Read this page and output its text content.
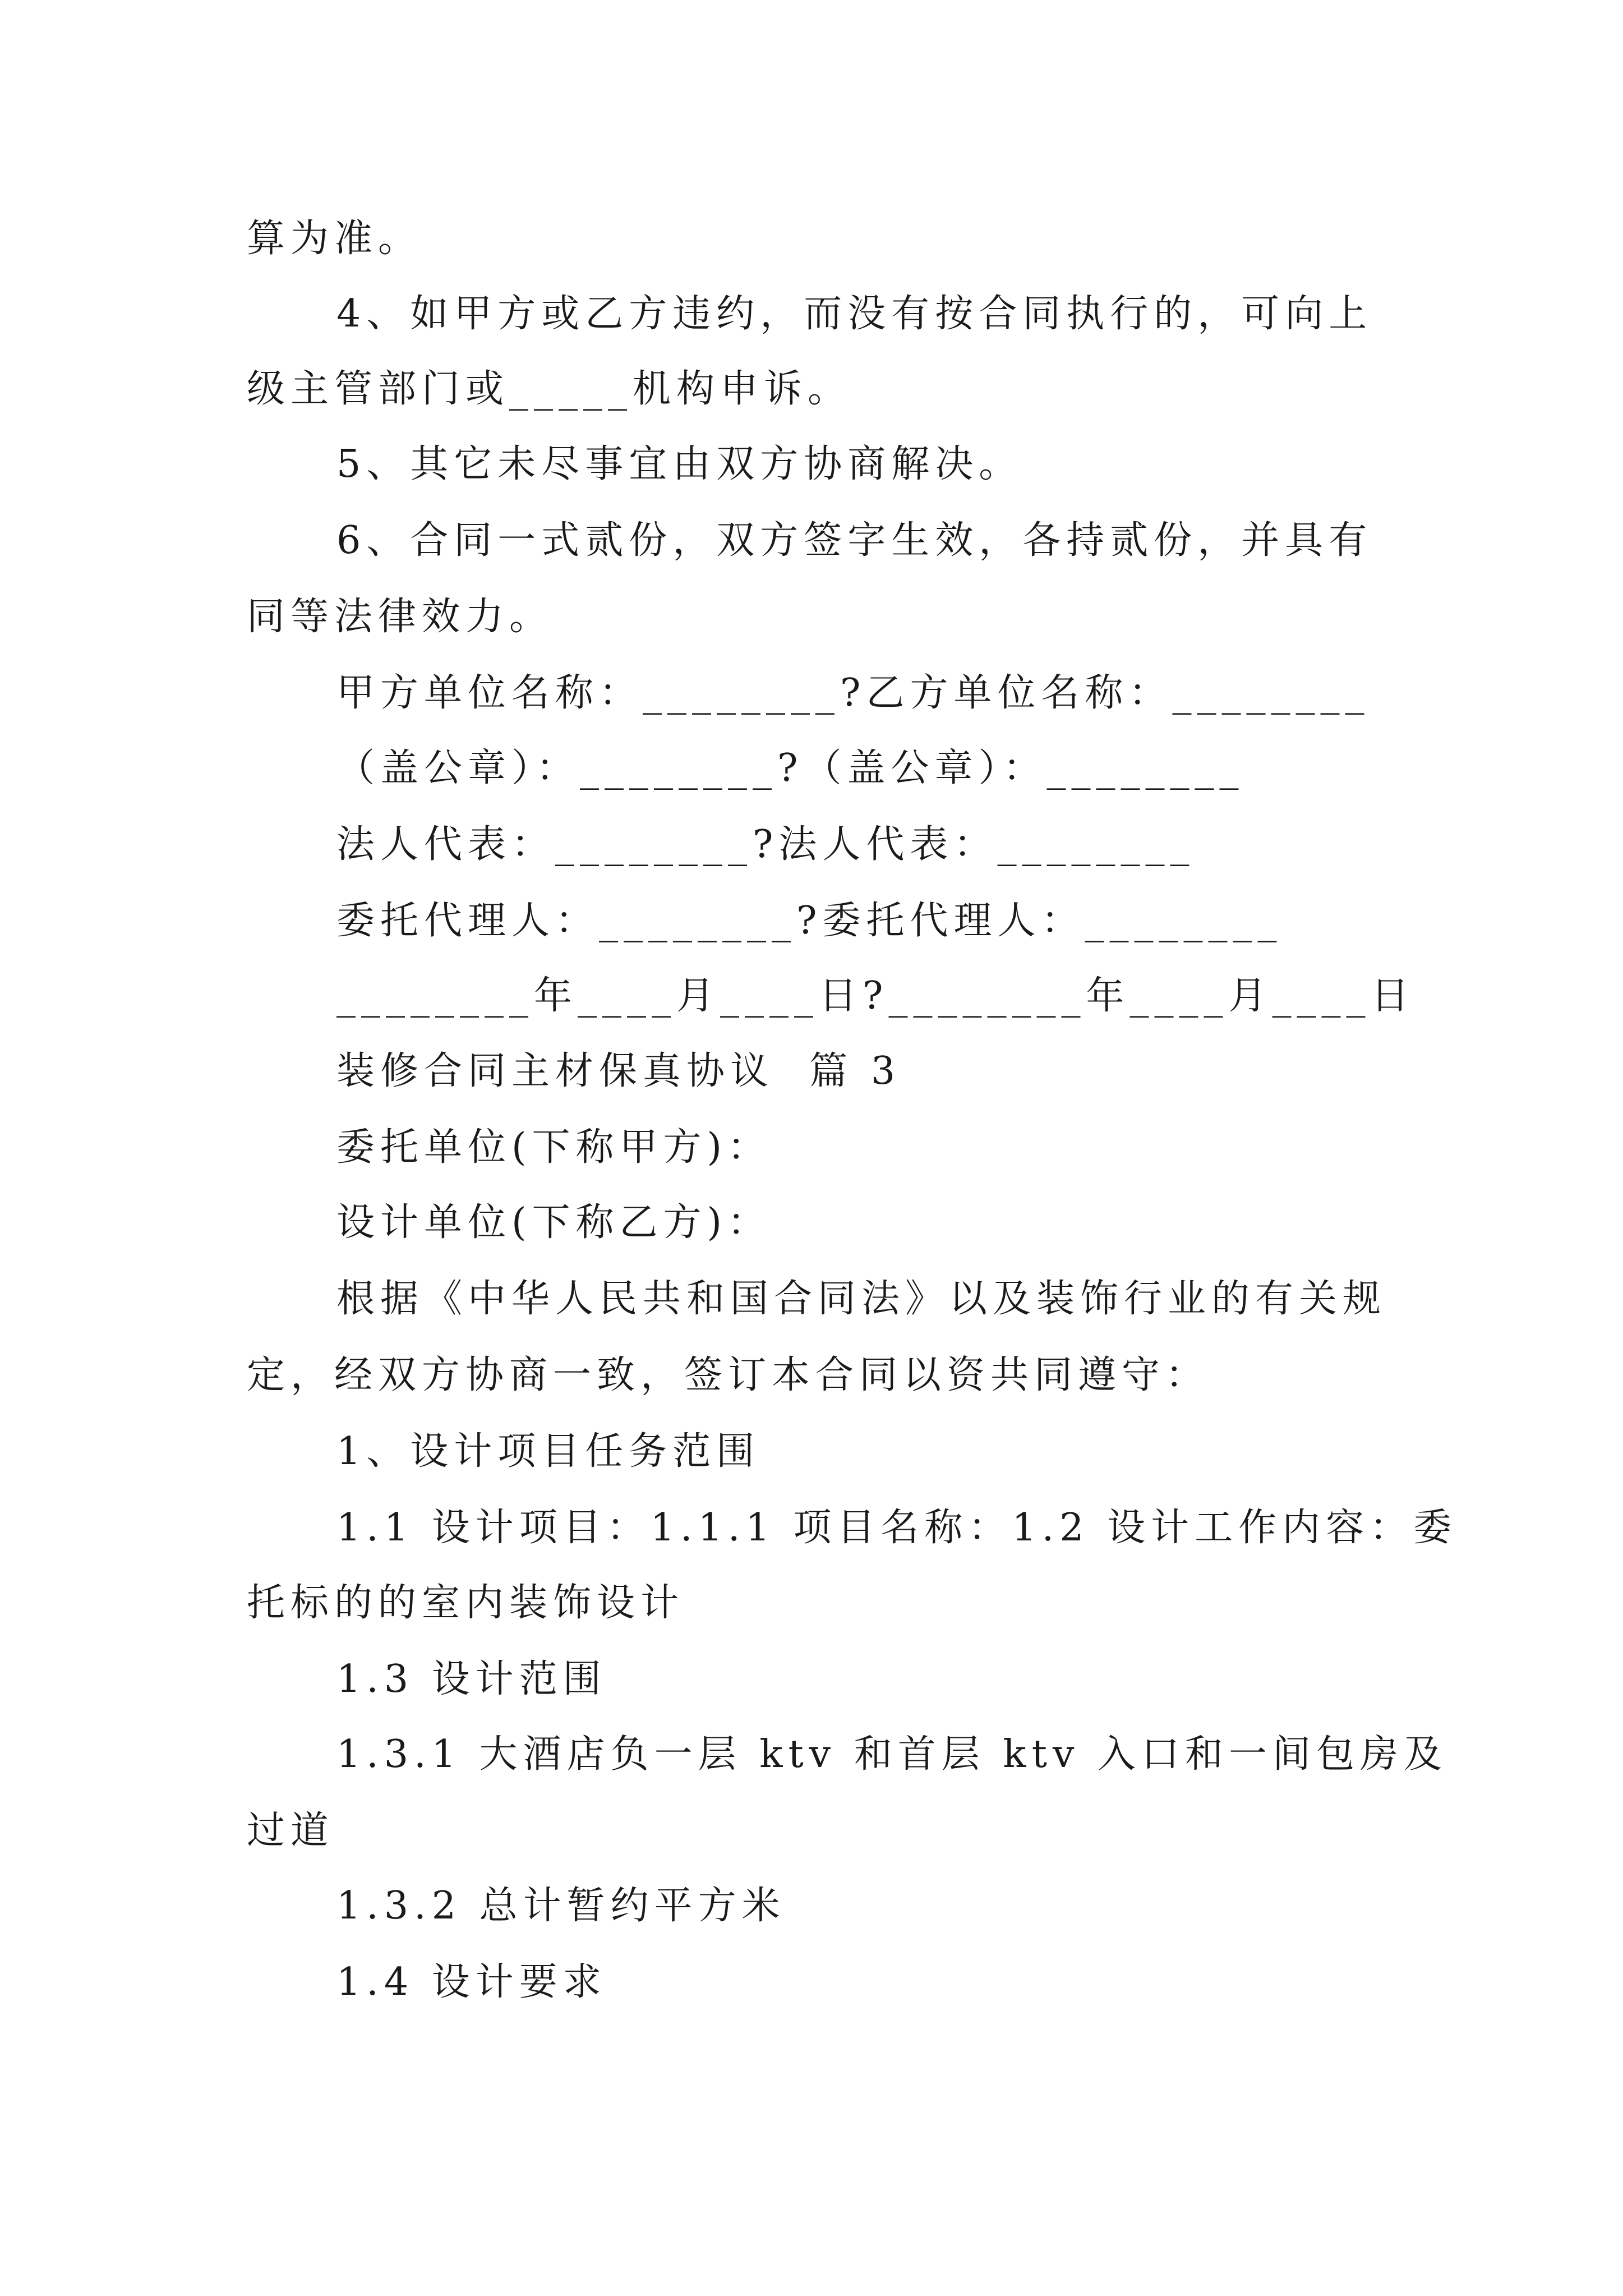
算为准。
4、如甲方或乙方违约，而没有按合同执行的，可向上
级主管部门或_____机构申诉。
5、其它未尽事宜由双方协商解决。
6、合同一式贰份，双方签字生效，各持贰份，并具有
同等法律效力。
甲方单位名称：________?乙方单位名称：________
（盖公章）：________?（盖公章）：________
法人代表：________?法人代表：________
委托代理人：________?委托代理人：________
________年____月____日?________年____月____日
装修合同主材保真协议  篇 3
委托单位(下称甲方)：
设计单位(下称乙方)：
根据《中华人民共和国合同法》以及装饰行业的有关规
定，经双方协商一致，签订本合同以资共同遵守：
1、设计项目任务范围
1.1 设计项目：1.1.1 项目名称：1.2 设计工作内容：委
托标的的室内装饰设计
1.3 设计范围
1.3.1 大酒店负一层 ktv 和首层 ktv 入口和一间包房及
过道
1.3.2 总计暂约平方米
1.4 设计要求
